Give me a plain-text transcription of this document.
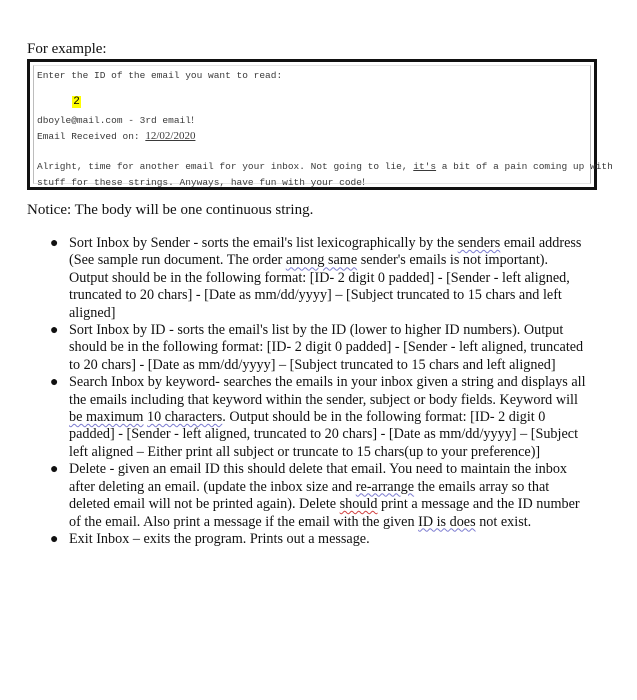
For example:
Enter the ID of the email you want to read:

2

dboyle@mail.com - 3rd email!
Email Received on: 12/02/2020
Alright, time for another email for your inbox. Not going to lie, it's a bit of a pain coming up with
stuff for these strings. Anyways, have fun with your code!
Notice: The body will be one continuous string.
● Sort Inbox by Sender - sorts the email's list lexicographically by the senders email address (See sample run document. The order among same sender's emails is not important). Output should be in the following format: [ID- 2 digit 0 padded] - [Sender - left aligned, truncated to 20 chars] - [Date as mm/dd/yyyy] – [Subject truncated to 15 chars and left aligned]
● Sort Inbox by ID - sorts the email's list by the ID (lower to higher ID numbers). Output should be in the following format: [ID- 2 digit 0 padded] - [Sender - left aligned, truncated to 20 chars] - [Date as mm/dd/yyyy] – [Subject truncated to 15 chars and left aligned]
● Search Inbox by keyword- searches the emails in your inbox given a string and displays all the emails including that keyword within the sender, subject or body fields. Keyword will be maximum 10 characters. Output should be in the following format: [ID- 2 digit 0 padded] - [Sender - left aligned, truncated to 20 chars] - [Date as mm/dd/yyyy] – [Subject left aligned – Either print all subject or truncate to 15 chars(up to your preference)]
● Delete - given an email ID this should delete that email. You need to maintain the inbox after deleting an email. (update the inbox size and re-arrange the emails array so that deleted email will not be printed again). Delete should print a message and the ID number of the email. Also print a message if the email with the given ID is does not exist.
● Exit Inbox – exits the program. Prints out a message.
